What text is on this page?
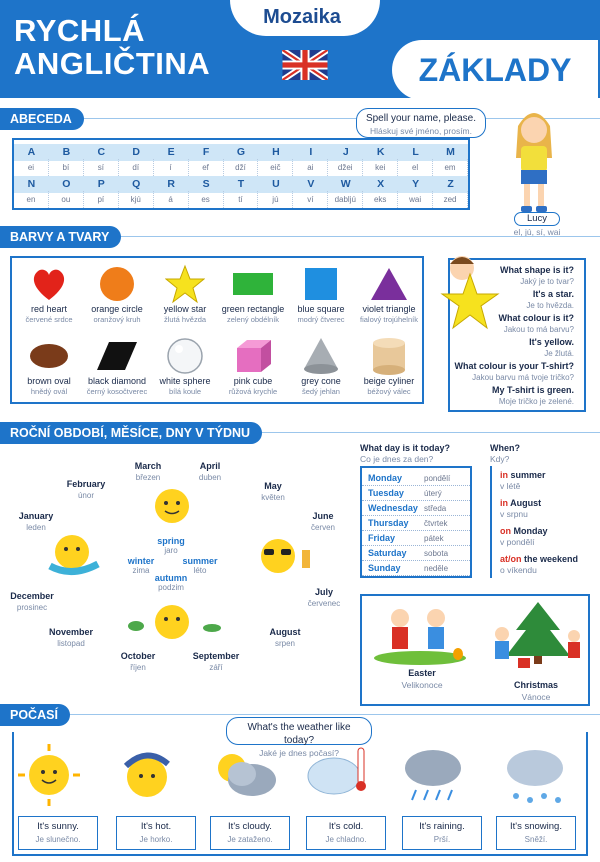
RYCHLÁ
ANGLIČTINA
Mozaika
ZÁKLADY
ABECEDA	Spell your name, please.
Hláskuj své jméno, prosím.
A	B	C	D	E	F	G	H	I	J	K	L	M
ei	bí	sí	dí	í	ef	dží	eič	ai	džei	kei	el	em
N	O	P	Q	R	S	T	U	V	W	X	Y	Z
en	ou	pí	kjú	á	es	tí	jú	ví	dabljú	eks	wai	zed
Lucy
el, jú, sí, wai
BARVY A TVARY
red heart
červené srdce
orange circle
oranžový kruh
yellow star
žlutá hvězda
green rectangle
zelený obdélník
blue square
modrý čtverec
violet triangle
fialový trojúhelník
brown oval
hnědý ovál
black diamond
černý kosočtverec
white sphere
bílá koule
pink cube
růžová krychle
grey cone
šedý jehlan
beige cyliner
béžový válec
What shape is it?
Jaký je to tvar?
It's a star.
Je to hvězda.
What colour is it?
Jakou to má barvu?
It's yellow.
Je žlutá.
What colour is your T-shirt?
Jakou barvu má tvoje tričko?
My T-shirt is green.
Moje tričko je zelené.
ROČNÍ OBDOBÍ, MĚSÍCE, DNY V TÝDNU
winter
zima
spring
jaro
summer
léto
autumn
podzim
January
leden
February
únor
March
březen
April
duben
May
květen
June
červen
July
červenec
August
srpen
September
září
October
říjen
November
listopad
December
prosinec
What day is it today?
Co je dnes za den?
Monday	pondělí
Tuesday	úterý
Wednesday středa
Thursday čtvrtek
Friday	pátek
Saturday sobota
Sunday	neděle
When?
Kdy?
in summer
v létě
in August
v srpnu
on Monday
v pondělí
at/on the weekend
o víkendu
Easter
Velikonoce	Christmas
Vánoce
POČASÍ
What's the weather like today?
Jaké je dnes počasí?
It's sunny.
Je slunečno.
It's hot.
Je horko.
It's cloudy.
Je zataženo.
It's cold.
Je chladno.
It's raining.
Prší.
It's snowing.
Sněží.
